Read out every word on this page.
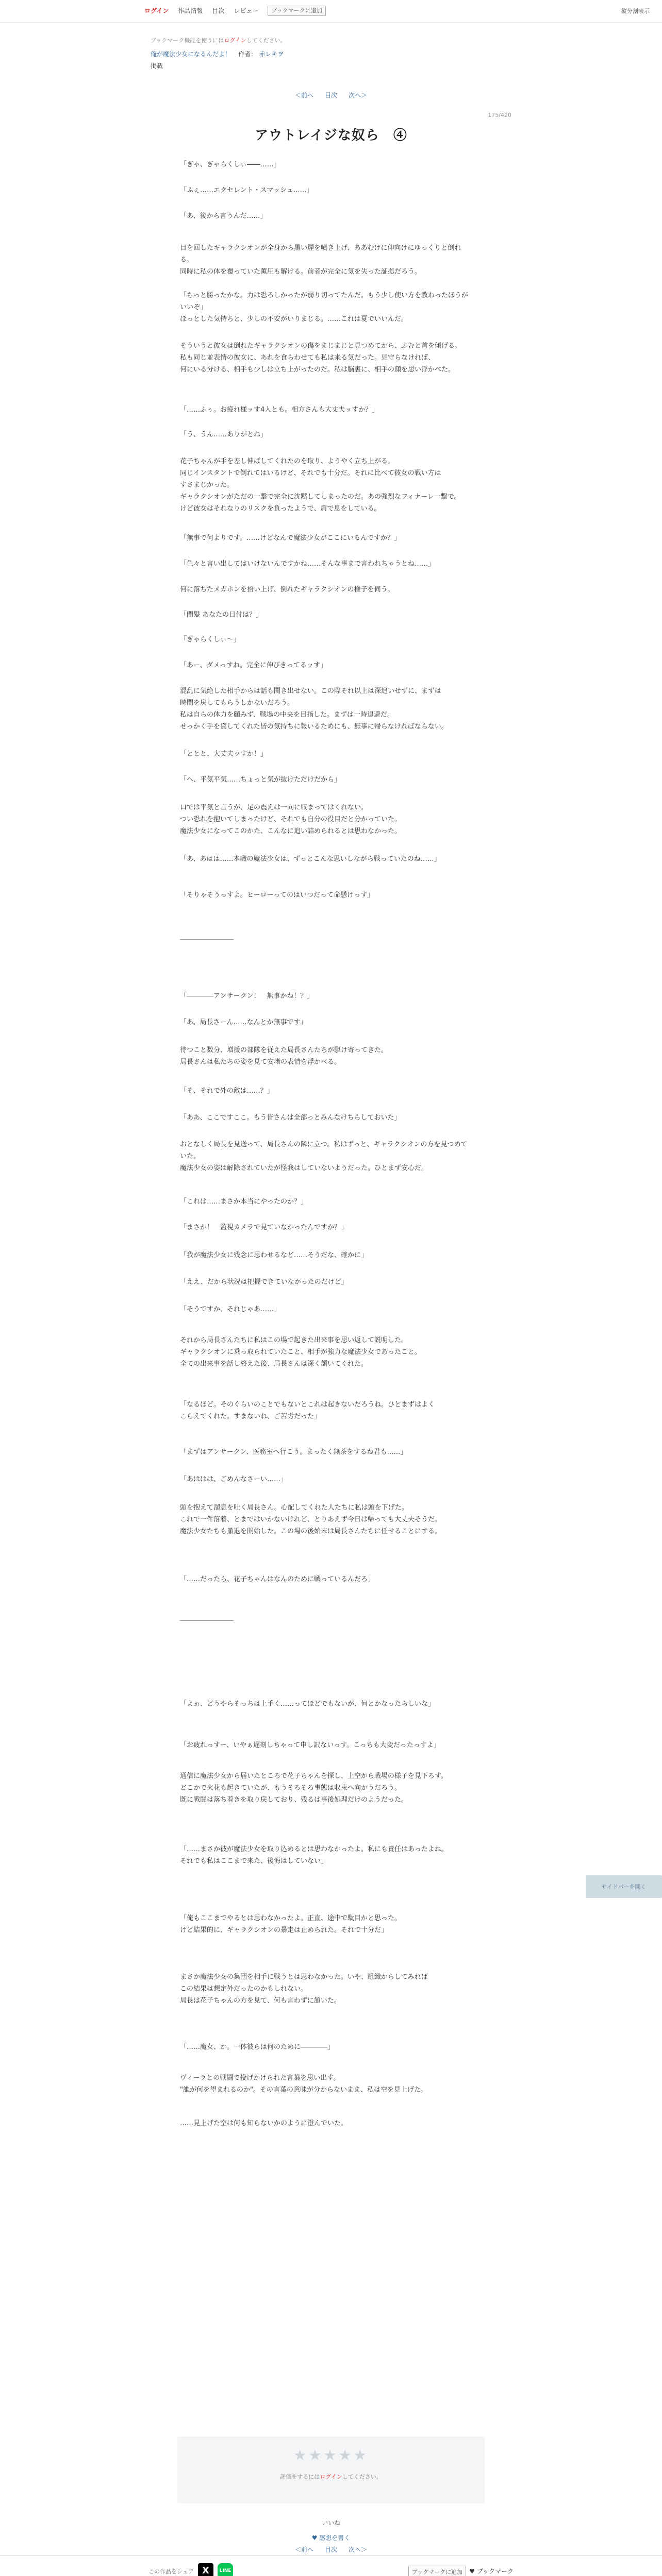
ログイン 作品情報 目次 レビュー	ブックマークに追加	縦分割表示
ブックマーク機能を使うにはログインしてください。
俺が魔法少女になるんだよ！ 作者： 赤レキヲ
掲載
＜前へ 目次 次へ＞
175/420
アウトレイジな奴ら　④

「ぎゃ、ぎゃらくしぃ――……」

「ふぇ……エクセレント・スマッシュ……」

「あ、後から言うんだ……」

目を回したギャラクシオンが全身から黒い煙を噴き上げ、ああむけに仰向けにゆっくりと倒れる。
同時に私の体を覆っていた薫圧も解ける。前者が完全に気を失った証拠だろう。

「ちっと勝ったかな。力は恐ろしかったが弱り切ってたんだ。もう少し使い方を教わったほうがいいぞ」
ほっとした気持ちと、少しの不安がいりまじる。……これは夏でいいんだ。

そういうと彼女は倒れたギャラクシオンの傷をまじまじと見つめてから、ふむと首を傾げる。
私も同じ並表情の彼女に、あれを食らわせても私は来る気だった。見守らなければ、
何にいる分ける、相手も少しは立ち上がったのだ。私は脳裏に、相手の顔を思い浮かべた。

「……ふぅ。お疲れ様ッす4人とも。相方さんも大丈夫ッすか？」

「う、うん……ありがとね」

花子ちゃんが手を差し伸ばしてくれたのを取り、ようやく立ち上がる。
同じインスタントで倒れてはいるけど、それでも十分だ。それに比べて彼女の戦い方は
すさまじかった。
ギャラクシオンがただの一撃で完全に沈黙してしまったのだ。あの強烈なフィナーレ一撃で。
けど彼女はそれなりのリスクを負ったようで、肩で息をしている。

「無事で何よりです。……けどなんで魔法少女がここにいるんですか？」

「色々と言い出してはいけないんですかね……そんな事まで言われちゃうとね……」

何に落ちたメガホンを拾い上げ、倒れたギャラクシオンの様子を伺う。

「間髪 あなたの日付は？」

「ぎゃらくしぃ～」

「あー、ダメっすね。完全に伸びきってるッす」

混乱に気絶した相手からは話も聞き出せない。この際それ以上は深追いせずに、まずは
時間を戻してもらうしかないだろう。
私は自らの体力を顧みず、戦場の中央を目指した。まずは一時退避だ。
せっかく手を貸してくれた皆の気持ちに報いるためにも、無事に帰らなければならない。

「ととと、大丈夫ッすか！」

「ヘ、平気平気……ちょっと気が抜けただけだから」

口では平気と言うが、足の震えは一向に収まってはくれない。
つい恐れを抱いてしまったけど、それでも自分の役目だと分かっていた。
魔法少女になってこのかた、こんなに追い詰められるとは思わなかった。

「あ、あはは……本職の魔法少女は、ずっとこんな思いしながら戦っていたのね……」

「そりゃそうっすよ。ヒーローってのはいつだって命懸けっす」

――――――――

「――――アンサークン！　無事かね！？」

「あ、局長さーん……なんとか無事です」

待つこと数分、増援の部隊を従えた局長さんたちが駆け寄ってきた。
局長さんは私たちの姿を見て安堵の表情を浮かべる。

「そ、それで外の敵は……？」

「ああ、ここですここ。もう皆さんは全部っとみんなけちらしておいた」

おとなしく局長を見送って、局長さんの隣に立つ。私はずっと、ギャラクシオンの方を見つめていた。
魔法少女の姿は解除されていたが怪我はしていないようだった。ひとまず安心だ。

「これは……まさか本当にやったのか？」

「まさか！　監視カメラで見ていなかったんですか？」

「我が魔法少女に残念に思わせるなど……そうだな、確かに」

「ええ、だから状況は把握できていなかったのだけど」

「そうですか、それじゃあ……」

それから局長さんたちに私はこの場で起きた出来事を思い返して説明した。
ギャラクシオンに乗っ取られていたこと、相手が強力な魔法少女であったこと。
全ての出来事を話し終えた後、局長さんは深く頷いてくれた。

「なるほど。そのぐらいのことでもないとこれは起きないだろうね。ひとまずはよく
こらえてくれた。すまないね、ご苦労だった」

「まずはアンサークン、医務室へ行こう。まったく無茶をするね君も……」

「あははは、ごめんなさーい……」

頭を抱えて溜息を吐く局長さん。心配してくれた人たちに私は頭を下げた。
これで一件落着、とまではいかないけれど、とりあえず今日は帰っても大丈夫そうだ。
魔法少女たちも撤退を開始した。この場の後始末は局長さんたちに任せることにする。

「……だったら、花子ちゃんはなんのために戦っているんだろ」

――――――――

「よぉ、どうやらそっちは上手く……ってほどでもないが、何とかなったらしいな」

「お疲れっすー、いやぁ遅刻しちゃって申し訳ないっす。こっちも大変だったっすよ」

通信に魔法少女から届いたところで花子ちゃんを探し、上空から戦場の様子を見下ろす。
どこかで火花も起きていたが、もうそろそろ事態は収束へ向かうだろう。
既に戦闘は落ち着きを取り戻しており、残るは事後処理だけのようだった。

「……まさか彼が魔法少女を取り込めるとは思わなかったよ。私にも責任はあったよね。
それでも私はここまで来た、後悔はしていない」

「俺もここまでやるとは思わなかったよ。正直、途中で駄目かと思った。
けど結果的に、ギャラクシオンの暴走は止められた。それで十分だ」

まさか魔法少女の集団を相手に戦うとは思わなかった。いや、組織からしてみれば
この結果は想定外だったのかもしれない。
局長は花子ちゃんの方を見て、何も言わずに頷いた。

「……魔女、か。一体彼らは何のために――――」

ヴィーラとの戦闘で投げかけられた言葉を思い出す。
"誰が何を望まれるのか"。その言葉の意味が分からないまま、私は空を見上げた。

……見上げた空は何も知らないかのように澄んでいた。

サイドバーを開く
★★★★★
評価をするにはログインしてください。
いいね
♥ 感想を書く
＜前へ 目次 次へ＞
この作品をシェア X	LINE	ブックマークに追加	♥ ブックマーク
